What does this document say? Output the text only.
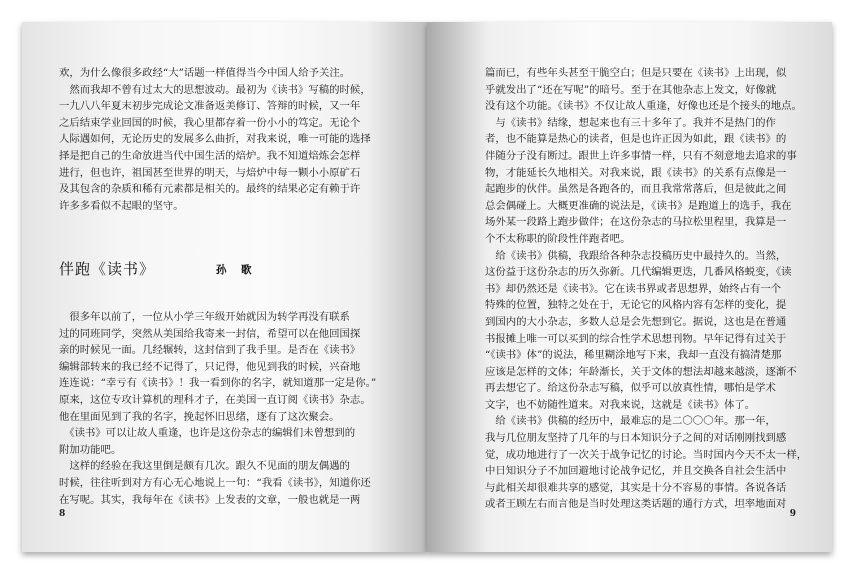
欢，为什么像很多政经“大”话题一样值得当今中国人给予关注。
　然而我却不曾有过太大的思想波动。最初为《读书》写稿的时候，
一九八八年夏末初步完成论文准备返美修订、答辩的时候，又一年
之后结束学业回国的时候，我心里都存着一份小小的笃定。无论个
人际遇如何，无论历史的发展多么曲折，对我来说，唯一可能的选择
择是把自己的生命放进当代中国生活的焙炉。我不知道焙炼会怎样
进行，但也许，祖国甚至世界的明天，与焙炉中每一颗小小原矿石
及其包含的杂质和稀有元素都是相关的。最终的结果必定有赖于许
许多多看似不起眼的坚守。
伴跑《读书》	孙　歌
　很多年以前了，一位从小学三年级开始就因为转学再没有联系
过的同班同学，突然从美国给我寄来一封信，希望可以在他回国探
亲的时候见一面。几经辗转，这封信到了我手里。是否在《读书》
编辑部转来的我已经不记得了，只记得，他见到我的时候，兴奋地
连连说：“幸亏有《读书》！我一看到你的名字，就知道那一定是你。”
原来，这位专攻计算机的理科才子，在美国一直订阅《读书》杂志。
他在里面见到了我的名字，挽起怀旧思绪，逐有了这次聚会。
　《读书》可以让故人重逢，也许是这份杂志的编辑们未曾想到的
附加功能吧。
　这样的经验在我这里倒是颇有几次。跟久不见面的朋友偶遇的
时候，往往听到对方有心无心地说上一句：“我看《读书》，知道你还
在写呢。其实，我每年在《读书》上发表的文章，一般也就是一两
8
篇而已，有些年头甚至干脆空白；但是只要在《读书》上出现，似
乎就发出了“还在写呢”的暗号。至于在其他杂志上发文，好像就
没有这个功能。《读书》不仅让故人重逢，好像也还是个接头的地点。
　与《读书》结缘，想起来也有三十多年了。我并不是热门的作
者，也不能算是热心的读者，但是也许正因为如此，跟《读书》的
伴随分子没有断过。跟世上许多事情一样，只有不刻意地去追求的事
物，才能延长久地相关。对我来说，跟《读书》的关系有点像是一
起跑步的伙伴。虽然是各跑各的，而且我常常落后，但是彼此之间
总会偶碰上。大概更准确的说法是，《读书》是跑道上的选手，我在
场外某一段路上跑步做伴；在这份杂志的马拉松里程里，我算是一
个不太称职的阶段性伴跑者吧。
　给《读书》供稿，我跟给各种杂志投稿历史中最持久的。当然，
这份益于这份杂志的历久弥新。几代编辑更迭，几番风格蜕变，《读
书》却仍然还是《读书》。它在读书界或者思想界，始终占有一个
特殊的位置，独特之处在于，无论它的风格内容有怎样的变化，提
到国内的大小杂志，多数人总是会先想到它。据说，这也是在普通
书报摊上唯一可以买到的综合性学术思想刊物。早年记得有过关于
“《读书》体”的说法，稀里糊涂地写下来，我却一直没有搞清楚那
应该是怎样的文体；年龄渐长，关于文体的想法却越来越淡，逐渐不
再去想它了。给这份杂志写稿，似乎可以放真性情，哪怕是学术
文字，也不妨随性道来。对我来说，这就是《读书》体了。
　给《读书》供稿的经历中，最难忘的是二〇〇〇年。那一年，
我与几位朋友坚持了几年的与日本知识分子之间的对话刚刚找到感
觉，成功地进行了一次关于战争记忆的讨论。当时国内今天不太一样，
中日知识分子不加回避地讨论战争记忆，并且交换各自社会生活中
与此相关却很难共享的感觉，其实是十分不容易的事情。各说各话
或者王顾左右而言他是当时处理这类话题的通行方式，坦率地面对
9
